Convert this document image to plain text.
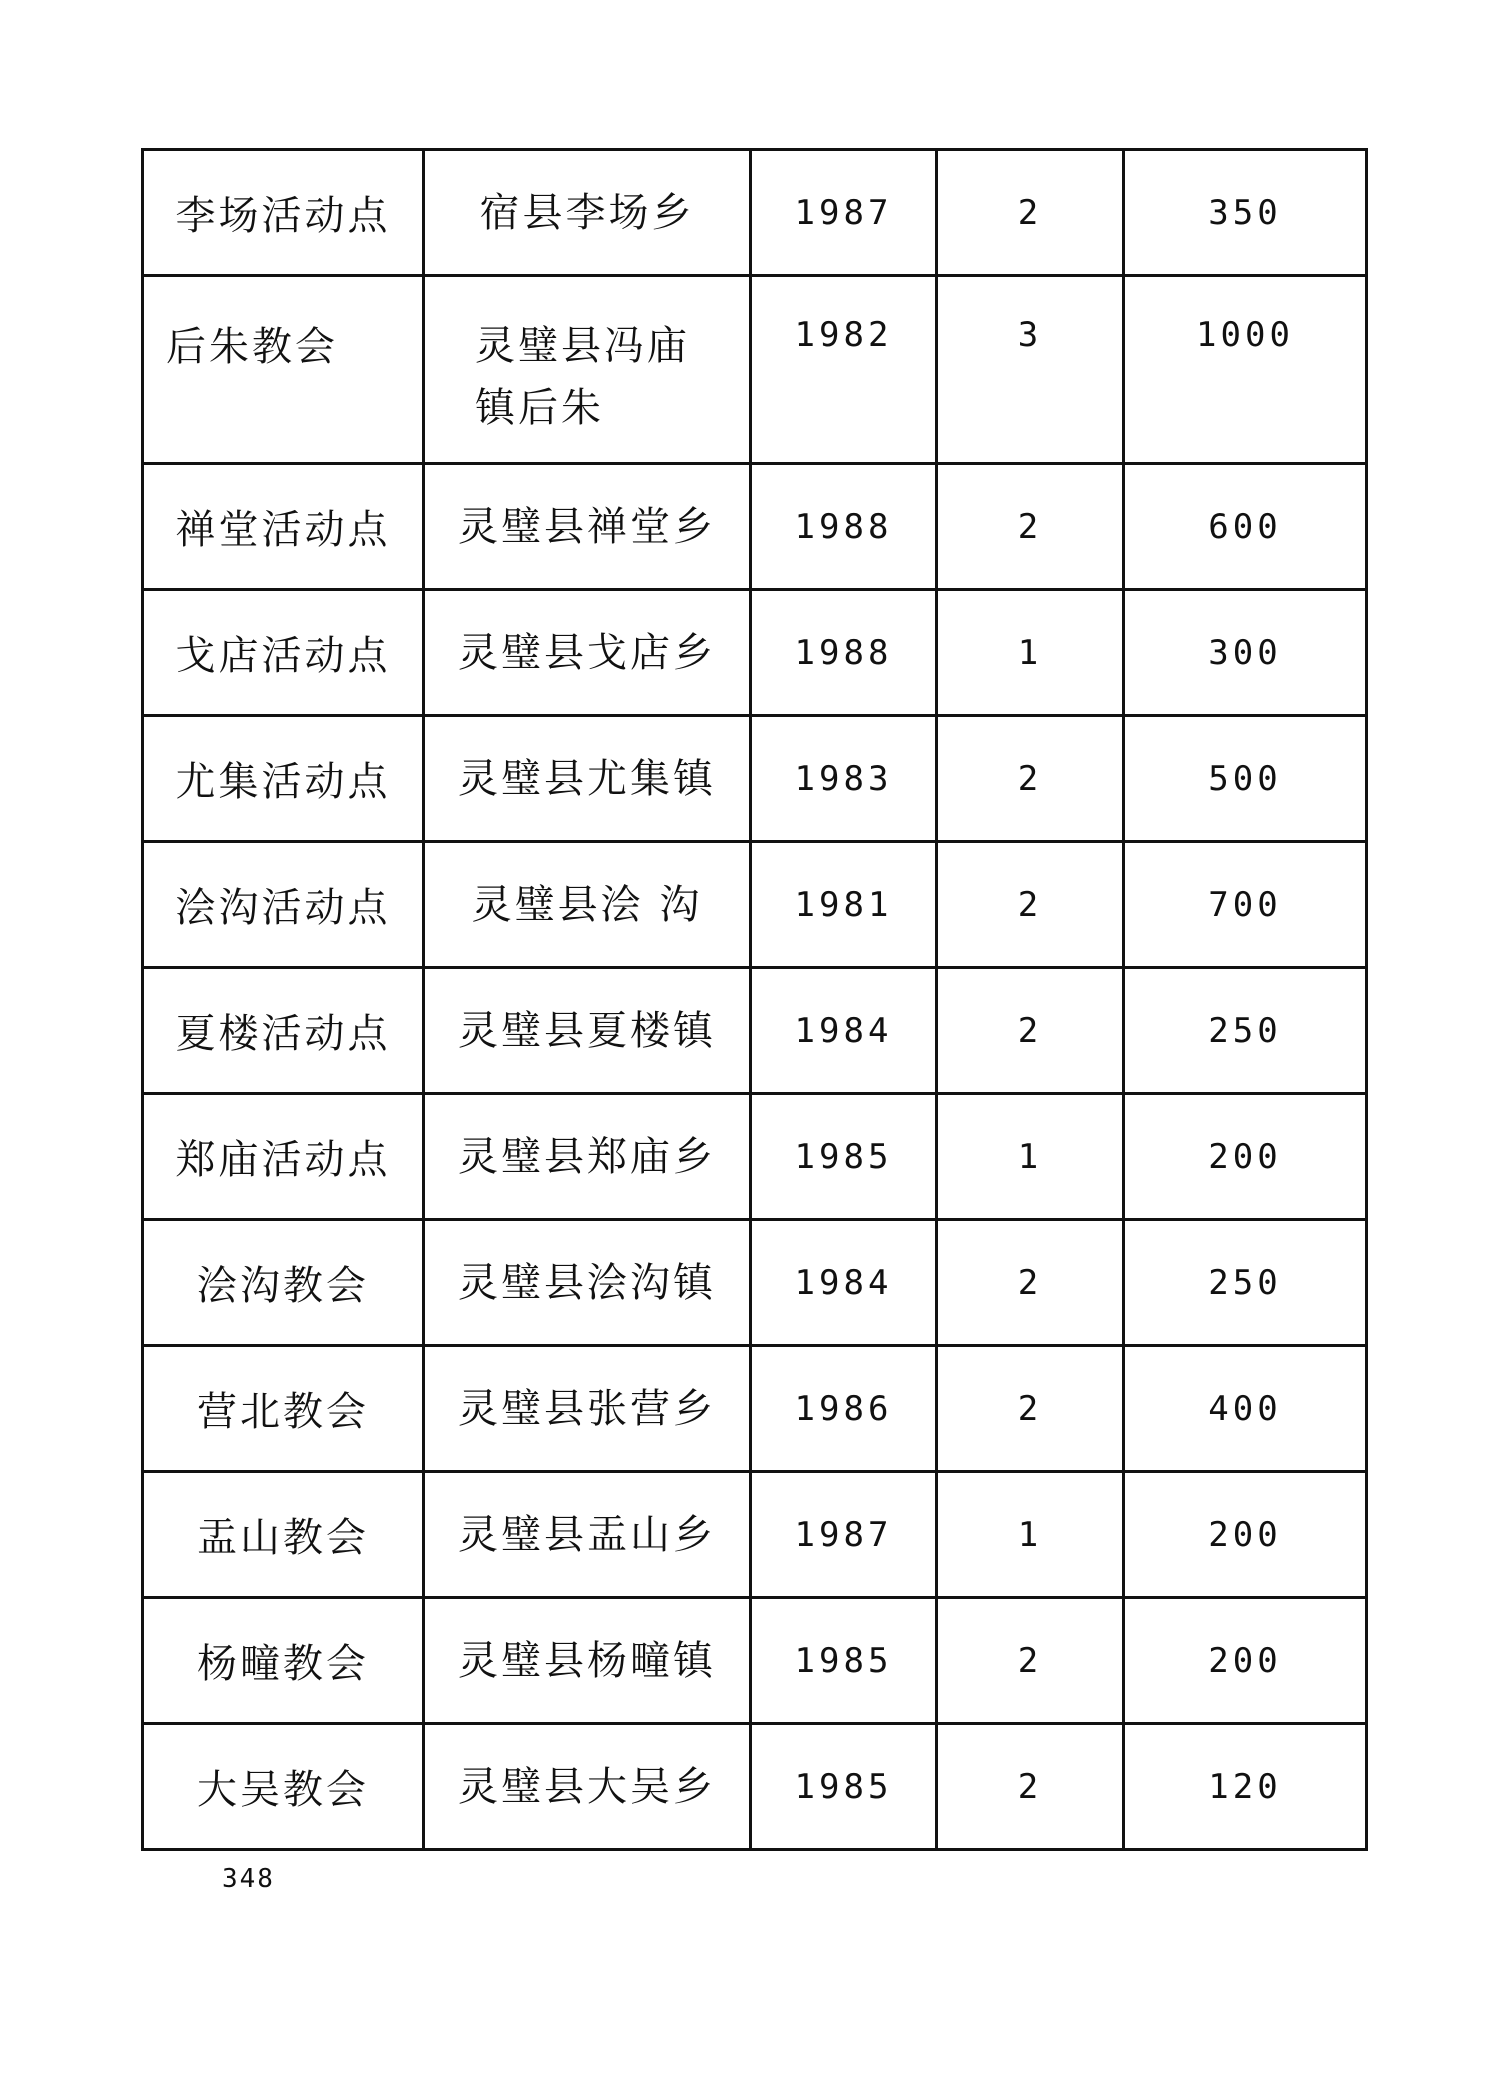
李场活动点	宿县李场乡	1987	2	350
后朱教会	灵璧县冯庙镇后朱	1982	3	1000
禅堂活动点	灵璧县禅堂乡	1988	2	600
戈店活动点	灵璧县戈店乡	1988	1	300
尤集活动点	灵璧县尤集镇	1983	2	500
浍沟活动点	灵璧县浍 沟	1981	2	700
夏楼活动点	灵璧县夏楼镇	1984	2	250
郑庙活动点	灵璧县郑庙乡	1985	1	200
浍沟教会	灵璧县浍沟镇	1984	2	250
营北教会	灵璧县张营乡	1986	2	400
盂山教会	灵璧县盂山乡	1987	1	200
杨疃教会	灵璧县杨疃镇	1985	2	200
大吴教会	灵璧县大吴乡	1985	2	120
348
